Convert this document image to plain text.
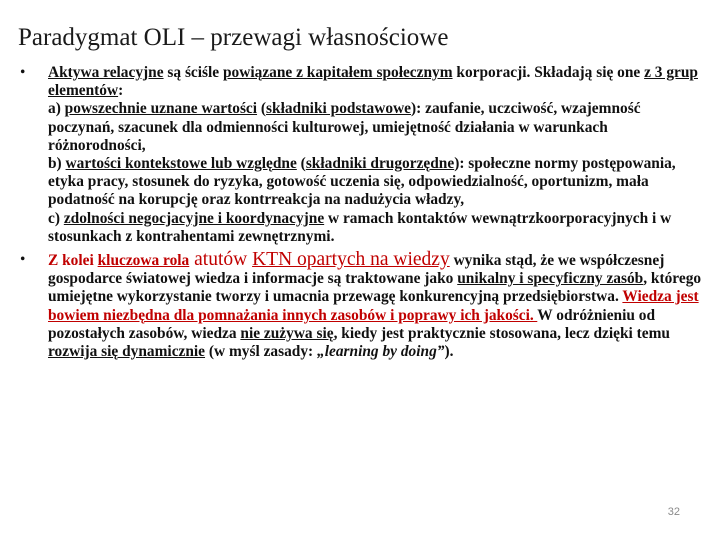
Paradygmat OLI – przewagi własnościowe
• Aktywa relacyjne są ściśle powiązane z kapitałem społecznym korporacji. Składają się one z 3 grup elementów:
a) powszechnie uznane wartości (składniki podstawowe): zaufanie, uczciwość, wzajemność poczynań, szacunek dla odmienności kulturowej, umiejętność działania w warunkach różnorodności,
b) wartości kontekstowe lub względne (składniki drugorzędne): społeczne normy postępowania, etyka pracy, stosunek do ryzyka, gotowość uczenia się, odpowiedzialność, oportunizm, mała podatność na korupcję oraz kontrreakcja na nadużycia władzy,
c) zdolności negocjacyjne i koordynacyjne w ramach kontaktów wewnątrzkoorporacyjnych i w stosunkach z kontrahentami zewnętrznymi.
• Z kolei kluczowa rola atutów KTN opartych na wiedzy wynika stąd, że we współczesnej gospodarce światowej wiedza i informacje są traktowane jako unikalny i specyficzny zasób, którego umiejętne wykorzystanie tworzy i umacnia przewagę konkurencyjną przedsiębiorstwa. Wiedza jest bowiem niezbędna dla pomnażania innych zasobów i poprawy ich jakości. W odróżnieniu od pozostałych zasobów, wiedza nie zużywa się, kiedy jest praktycznie stosowana, lecz dzięki temu rozwija się dynamicznie (w myśl zasady: „learning by doing”).
32
